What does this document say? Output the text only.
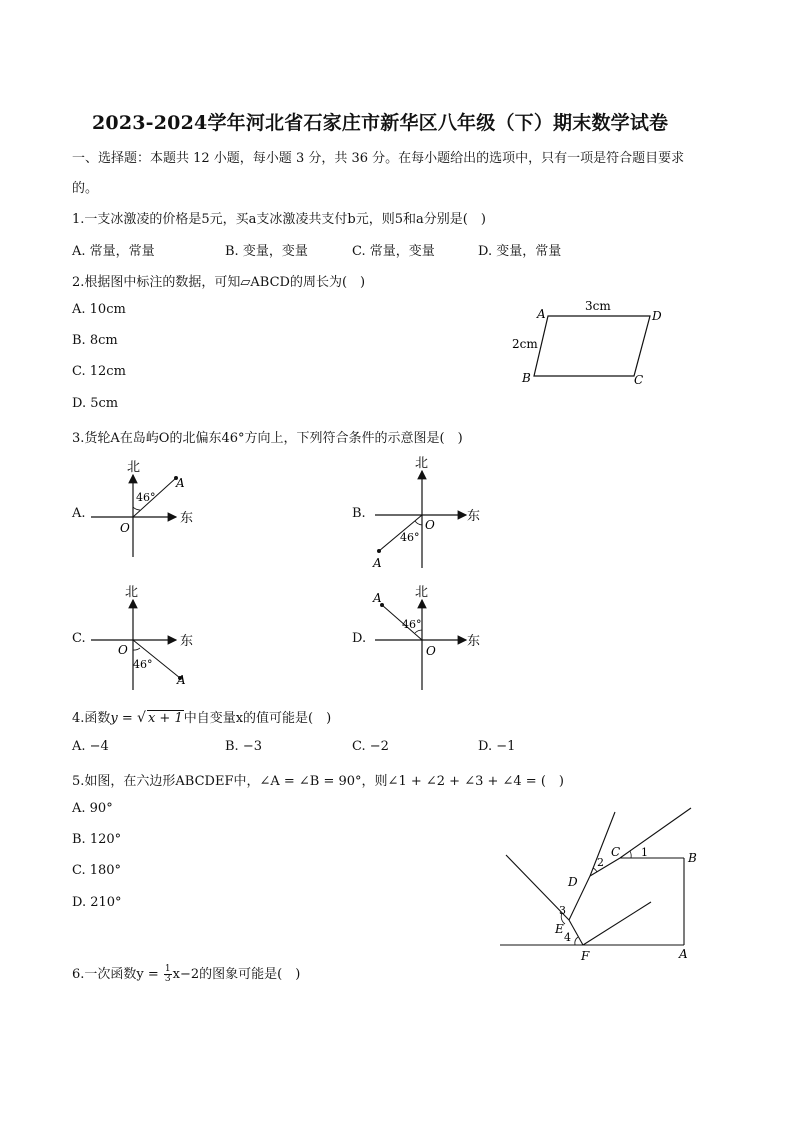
2023-2024学年河北省石家庄市新华区八年级（下）期末数学试卷
一、选择题：本题共 12 小题，每小题 3 分，共 36 分。在每小题给出的选项中，只有一项是符合题目要求
的。
1.一支冰激凌的价格是5元，买a支冰激凌共支付b元，则5和a分别是(　)
A. 常量，常量	B. 变量，变量	C. 常量，变量	D. 变量，常量
2.根据图中标注的数据，可知▱ABCD的周长为(　)
A. 10cm
B. 8cm
C. 12cm
D. 5cm
3cm
2cm
A	D
B	C
3.货轮A在岛屿O的北偏东46°方向上，下列符合条件的示意图是(　)
A.
北
东
O
A
46°
B.
北
东
O
A
46°
C.
北
东
O
A
46°
D.
北
东
O
A
46°
4.函数y = √ x + 1中自变量x的值可能是(　)
A. −4	B. −3	C. −2	D. −1
5.如图，在六边形ABCDEF中，∠A = ∠B = 90°，则∠1 + ∠2 + ∠3 + ∠4 = (　)
A. 90°
B. 120°
C. 180°
D. 210°
B
A
C
D
E
F
1
2
3
4
6.一次函数$y = \frac{1}{3} x-2$的图象可能是(　)
